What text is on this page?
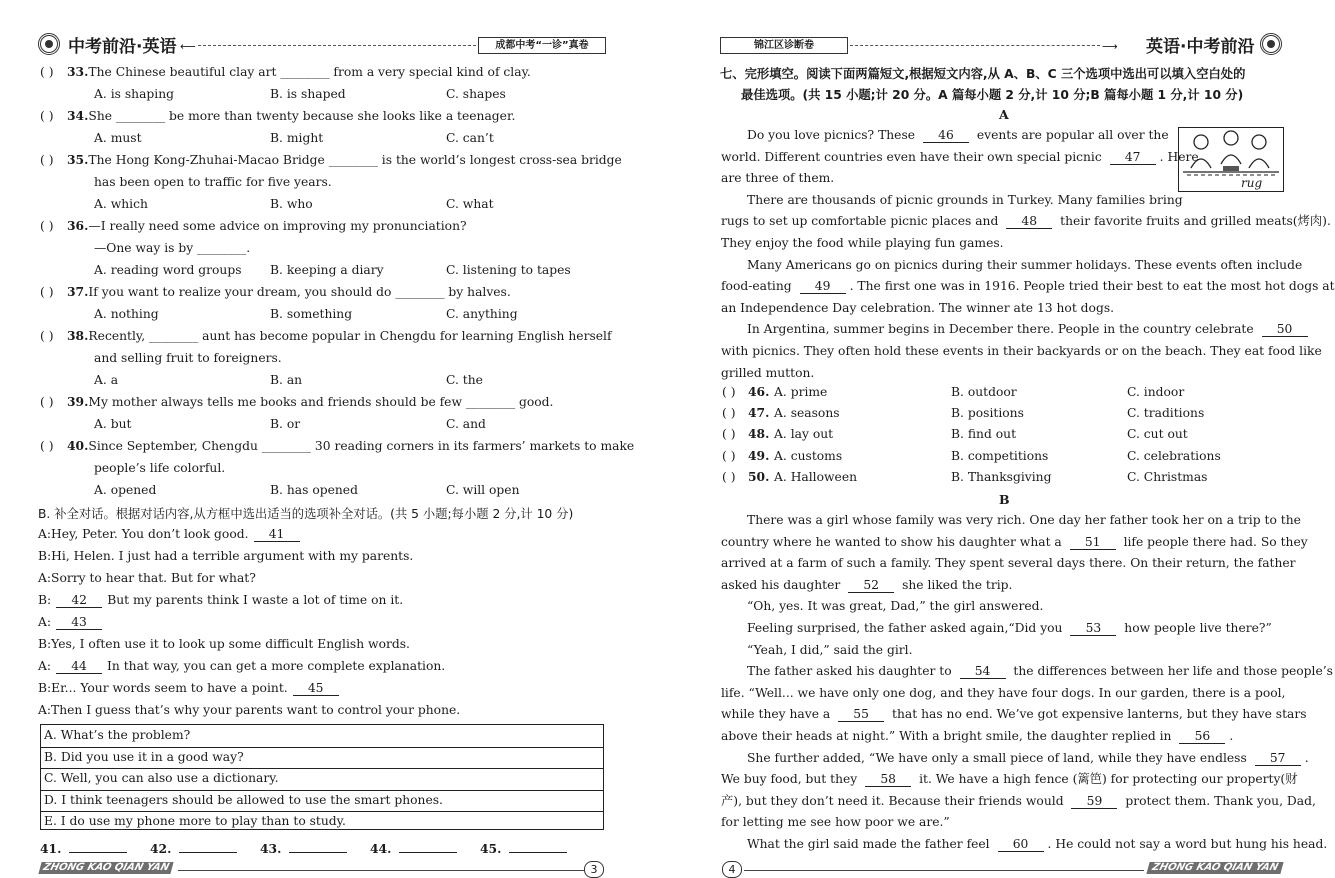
中考前沿·英语 ⟵	成都中考“一诊”真卷
( ) 33.The Chinese beautiful clay art ________ from a very special kind of clay.
A. is shaping	B. is shaped	C. shapes
( ) 34.She ________ be more than twenty because she looks like a teenager.
A. must	B. might	C. can’t
( ) 35.The Hong Kong-Zhuhai-Macao Bridge ________ is the world’s longest cross-sea bridge
has been open to traffic for five years.
A. which	B. who	C. what
( ) 36.—I really need some advice on improving my pronunciation?
—One way is by ________.
A. reading word groups B. keeping a diary	C. listening to tapes
( ) 37.If you want to realize your dream, you should do ________ by halves.
A. nothing	B. something	C. anything
( ) 38.Recently, ________ aunt has become popular in Chengdu for learning English herself
and selling fruit to foreigners.
A. a	B. an	C. the
( ) 39.My mother always tells me books and friends should be few ________ good.
A. but	B. or	C. and
( ) 40.Since September, Chengdu ________ 30 reading corners in its farmers’ markets to make
people’s life colorful.
A. opened	B. has opened	C. will open
B. 补全对话。根据对话内容,从方框中选出适当的选项补全对话。(共 5 小题;每小题 2 分,计 10 分)
A:Hey, Peter. You don’t look good. 41
B:Hi, Helen. I just had a terrible argument with my parents.
A:Sorry to hear that. But for what?
B: 42 But my parents think I waste a lot of time on it.
A: 43
B:Yes, I often use it to look up some difficult English words.
A: 44 In that way, you can get a more complete explanation.
B:Er... Your words seem to have a point. 45
A:Then I guess that’s why your parents want to control your phone.
A. What’s the problem?
B. Did you use it in a good way?
C. Well, you can also use a dictionary.
D. I think teenagers should be allowed to use the smart phones.
E. I do use my phone more to play than to study.
41.	42.	43.	44.	45.
ZHONG KAO QIAN YAN	3
锦江区诊断卷	⟶ 英语·中考前沿
七、完形填空。阅读下面两篇短文,根据短文内容,从 A、B、C 三个选项中选出可以填入空白处的
最佳选项。(共 15 小题;计 20 分。A 篇每小题 2 分,计 10 分;B 篇每小题 1 分,计 10 分)
A
Do you love picnics? These 46 events are popular all over the
world. Different countries even have their own special picnic 47 . Here
are three of them.
There are thousands of picnic grounds in Turkey. Many families bring
rugs to set up comfortable picnic places and 48 their favorite fruits and grilled meats(烤肉).
They enjoy the food while playing fun games.
Many Americans go on picnics during their summer holidays. These events often include
food-eating 49 . The first one was in 1916. People tried their best to eat the most hot dogs at
an Independence Day celebration. The winner ate 13 hot dogs.
In Argentina, summer begins in December there. People in the country celebrate 50
with picnics. They often hold these events in their backyards or on the beach. They eat food like
grilled mutton.
( ) 46. A. prime	B. outdoor	C. indoor
( ) 47. A. seasons	B. positions	C. traditions
( ) 48. A. lay out	B. find out	C. cut out
( ) 49. A. customs	B. competitions	C. celebrations
( ) 50. A. Halloween	B. Thanksgiving	C. Christmas
B
There was a girl whose family was very rich. One day her father took her on a trip to the
country where he wanted to show his daughter what a 51 life people there had. So they
arrived at a farm of such a family. They spent several days there. On their return, the father
asked his daughter 52 she liked the trip.
“Oh, yes. It was great, Dad,” the girl answered.
Feeling surprised, the father asked again,“Did you 53 how people live there?”
“Yeah, I did,” said the girl.
The father asked his daughter to 54 the differences between her life and those people’s
life. “Well... we have only one dog, and they have four dogs. In our garden, there is a pool,
while they have a 55 that has no end. We’ve got expensive lanterns, but they have stars
above their heads at night.” With a bright smile, the daughter replied in 56 .
She further added, “We have only a small piece of land, while they have endless 57 .
We buy food, but they 58 it. We have a high fence (篱笆) for protecting our property(财
产), but they don’t need it. Because their friends would 59 protect them. Thank you, Dad,
for letting me see how poor we are.”
What the girl said made the father feel 60 . He could not say a word but hung his head.
4	ZHONG KAO QIAN YAN
rug
